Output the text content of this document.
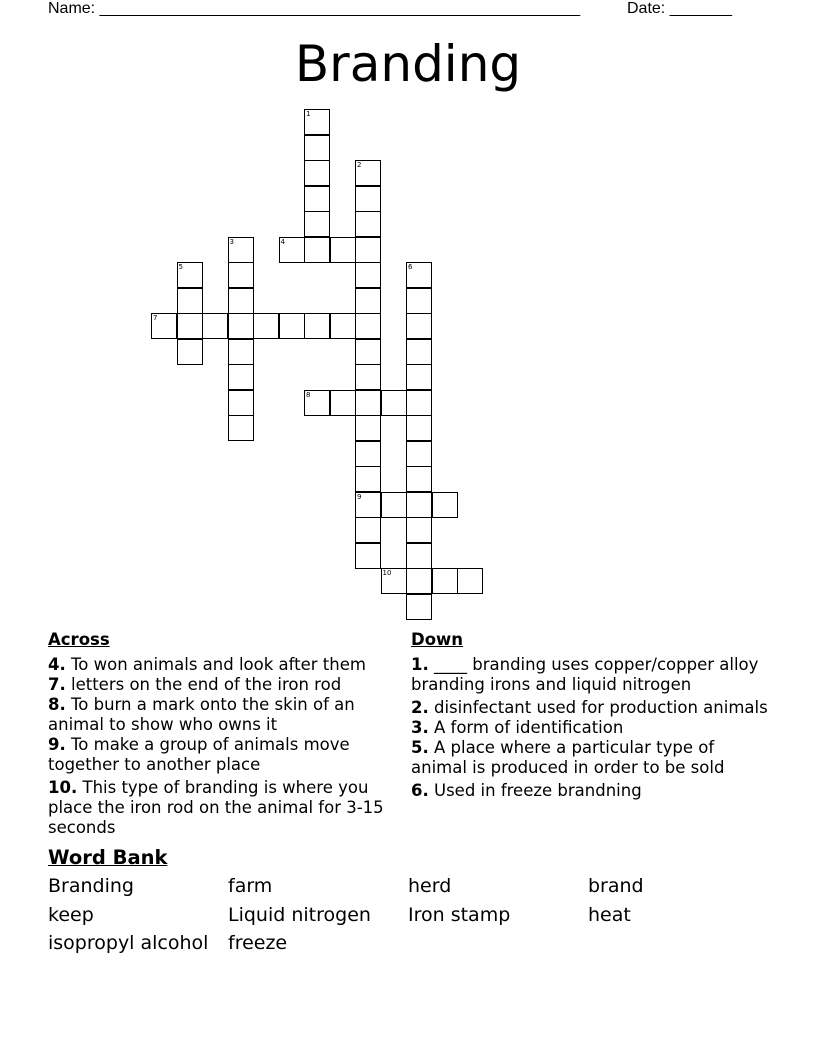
Name: ______________________________________________________	Date: _______
Branding
1
2
9
3	4
5	6
7
8
10
Across

4. To won animals and look after them

7. letters on the end of the iron rod

8. To burn a mark onto the skin of an animal to show who owns it

9. To make a group of animals move together to another place

10. This type of branding is where you place the iron rod on the animal for 3-15 seconds

Down

1. ____ branding uses copper/copper alloy branding irons and liquid nitrogen

2. disinfectant used for production animals

3. A form of identification

5. A place where a particular type of animal is produced in order to be sold

6. Used in freeze brandning

Word Bank
Branding	farm	herd	brand
keep	Liquid nitrogen	Iron stamp	heat
isopropyl alcohol	freeze
